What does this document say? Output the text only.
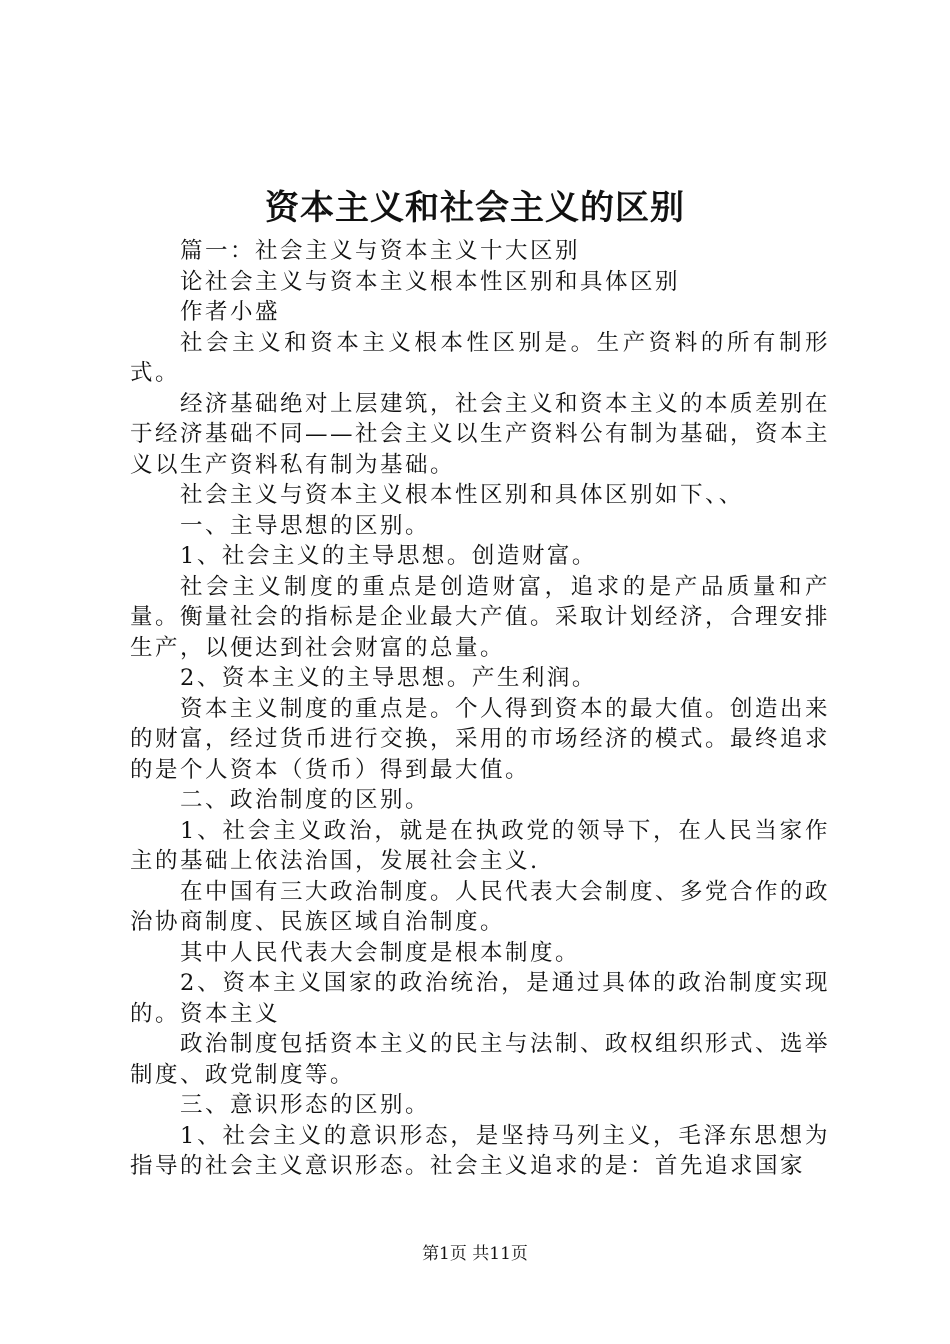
资本主义和社会主义的区别

篇一：社会主义与资本主义十大区别

论社会主义与资本主义根本性区别和具体区别

作者小盛

社会主义和资本主义根本性区别是。生产资料的所有制形式。

经济基础绝对上层建筑，社会主义和资本主义的本质差别在于经济基础不同——社会主义以生产资料公有制为基础，资本主义以生产资料私有制为基础。

社会主义与资本主义根本性区别和具体区别如下、、

一、主导思想的区别。

1、社会主义的主导思想。创造财富。

社会主义制度的重点是创造财富，追求的是产品质量和产量。衡量社会的指标是企业最大产值。采取计划经济，合理安排生产，以便达到社会财富的总量。

2、资本主义的主导思想。产生利润。

资本主义制度的重点是。个人得到资本的最大值。创造出来的财富，经过货币进行交换，采用的市场经济的模式。最终追求的是个人资本（货币）得到最大值。

二、政治制度的区别。

1、社会主义政治，就是在执政党的领导下，在人民当家作主的基础上依法治国，发展社会主义.

在中国有三大政治制度。人民代表大会制度、多党合作的政治协商制度、民族区域自治制度。

其中人民代表大会制度是根本制度。

2、资本主义国家的政治统治，是通过具体的政治制度实现的。资本主义

政治制度包括资本主义的民主与法制、政权组织形式、选举制度、政党制度等。

三、意识形态的区别。

1、社会主义的意识形态，是坚持马列主义，毛泽东思想为指导的社会主义意识形态。社会主义追求的是：首先追求国家

第1页 共11页
